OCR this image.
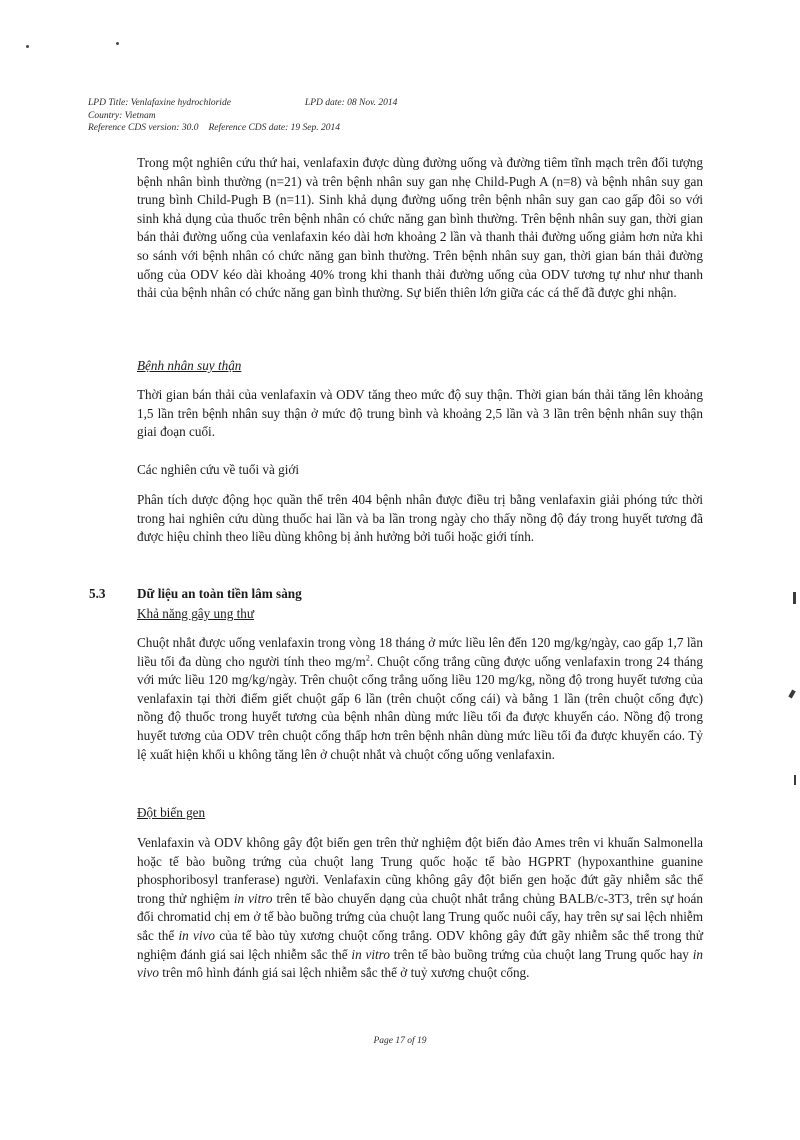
LPD Title: Venlafaxine hydrochloride	LPD date: 08 Nov. 2014
Country: Vietnam
Reference CDS version: 30.0 Reference CDS date: 19 Sep. 2014

Trong một nghiên cứu thứ hai, venlafaxin được dùng đường uống và đường tiêm tĩnh mạch trên đối tượng bệnh nhân bình thường (n=21) và trên bệnh nhân suy gan nhẹ Child-Pugh A (n=8) và bệnh nhân suy gan trung bình Child-Pugh B (n=11). Sinh khả dụng đường uống trên bệnh nhân suy gan cao gấp đôi so với sinh khả dụng của thuốc trên bệnh nhân có chức năng gan bình thường. Trên bệnh nhân suy gan, thời gian bán thải đường uống của venlafaxin kéo dài hơn khoảng 2 lần và thanh thải đường uống giảm hơn nửa khi so sánh với bệnh nhân có chức năng gan bình thường. Trên bệnh nhân suy gan, thời gian bán thải đường uống của ODV kéo dài khoảng 40% trong khi thanh thải đường uống của ODV tương tự như như thanh thải của bệnh nhân có chức năng gan bình thường. Sự biến thiên lớn giữa các cá thể đã được ghi nhận.

Bệnh nhân suy thận

Thời gian bán thải của venlafaxin và ODV tăng theo mức độ suy thận. Thời gian bán thải tăng lên khoảng 1,5 lần trên bệnh nhân suy thận ở mức độ trung bình và khoảng 2,5 lần và 3 lần trên bệnh nhân suy thận giai đoạn cuối.

Các nghiên cứu về tuổi và giới

Phân tích dược động học quần thể trên 404 bệnh nhân được điều trị bằng venlafaxin giải phóng tức thời trong hai nghiên cứu dùng thuốc hai lần và ba lần trong ngày cho thấy nồng độ đáy trong huyết tương đã được hiệu chỉnh theo liều dùng không bị ảnh hưởng bởi tuổi hoặc giới tính.

5.3 Dữ liệu an toàn tiền lâm sàng
Khả năng gây ung thư

Chuột nhắt được uống venlafaxin trong vòng 18 tháng ở mức liều lên đến 120 mg/kg/ngày, cao gấp 1,7 lần liều tối đa dùng cho người tính theo $mg/m^2$. Chuột cống trắng cũng được uống venlafaxin trong 24 tháng với mức liều 120 mg/kg/ngày. Trên chuột cống trắng uống liều 120 mg/kg, nồng độ trong huyết tương của venlafaxin tại thời điểm giết chuột gấp 6 lần (trên chuột cống cái) và bằng 1 lần (trên chuột cống đực) nồng độ thuốc trong huyết tương của bệnh nhân dùng mức liều tối đa được khuyến cáo. Nồng độ trong huyết tương của ODV trên chuột cống thấp hơn trên bệnh nhân dùng mức liều tối đa được khuyến cáo. Tỷ lệ xuất hiện khối u không tăng lên ở chuột nhắt và chuột cống uống venlafaxin.

Đột biến gen

Venlafaxin và ODV không gây đột biến gen trên thử nghiệm đột biến đảo Ames trên vi khuẩn Salmonella hoặc tế bào buồng trứng của chuột lang Trung quốc hoặc tế bào HGPRT (hypoxanthine guanine phosphoribosyl tranferase) người. Venlafaxin cũng không gây đột biến gen hoặc đứt gãy nhiễm sắc thể trong thử nghiệm in vitro trên tế bào chuyển dạng của chuột nhắt trắng chủng BALB/c-3T3, trên sự hoán đổi chromatid chị em ở tế bào buồng trứng của chuột lang Trung quốc nuôi cấy, hay trên sự sai lệch nhiễm sắc thể in vivo của tế bào tủy xương chuột cống trắng. ODV không gây đứt gãy nhiễm sắc thể trong thử nghiệm đánh giá sai lệch nhiễm sắc thể in vitro trên tế bào buồng trứng của chuột lang Trung quốc hay in vivo trên mô hình đánh giá sai lệch nhiễm sắc thể ở tuỷ xương chuột cống.

Page 17 of 19
